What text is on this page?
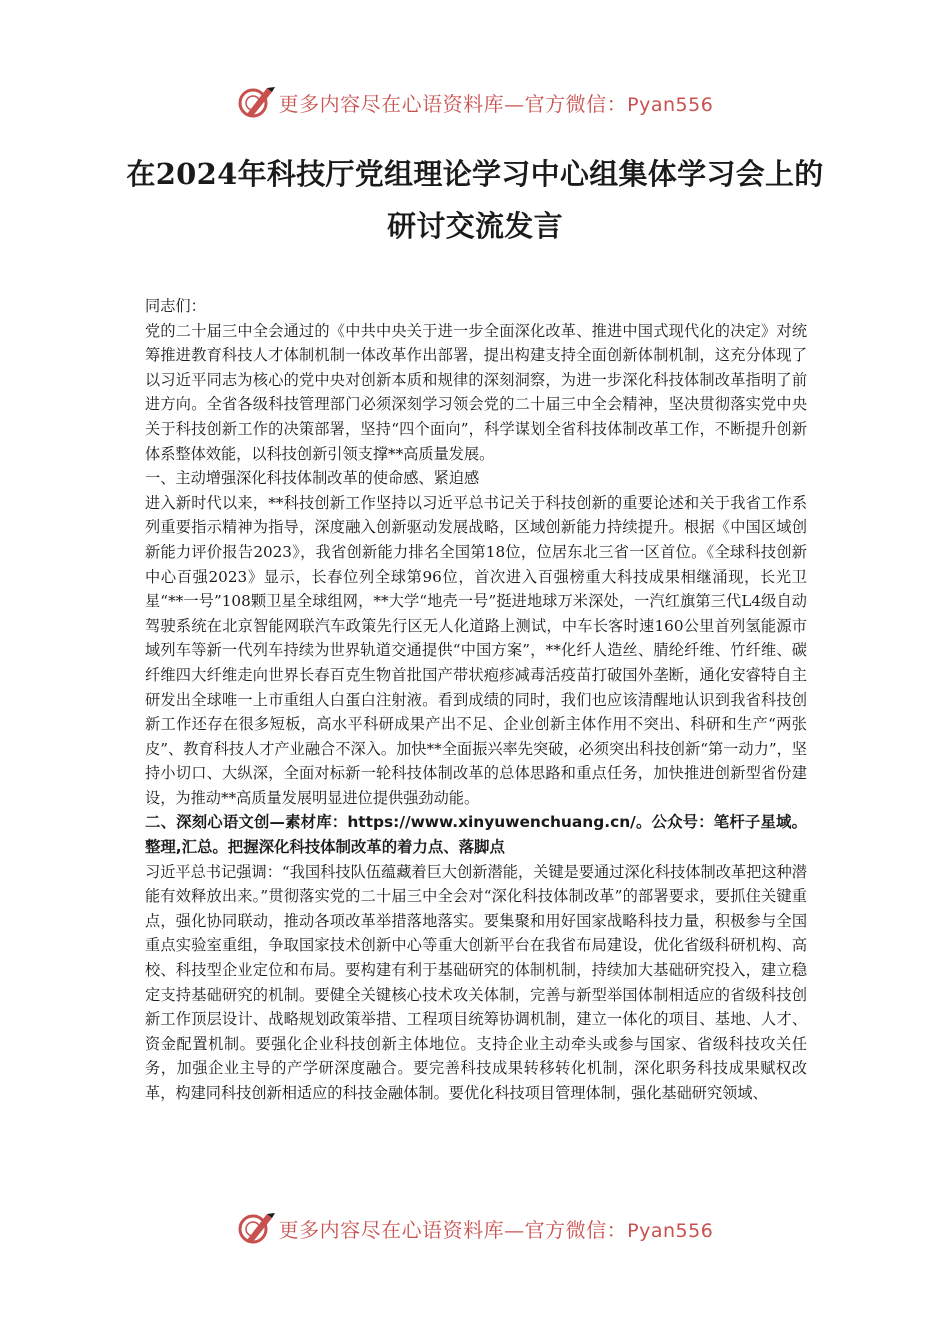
更多内容尽在心语资料库—官方微信：Pyan556
在2024年科技厅党组理论学习中心组集体学习会上的研讨交流发言

同志们：

党的二十届三中全会通过的《中共中央关于进一步全面深化改革、推进中国式现代化的决定》对统筹推进教育科技人才体制机制一体改革作出部署，提出构建支持全面创新体制机制，这充分体现了以习近平同志为核心的党中央对创新本质和规律的深刻洞察，为进一步深化科技体制改革指明了前进方向。全省各级科技管理部门必须深刻学习领会党的二十届三中全会精神，坚决贯彻落实党中央关于科技创新工作的决策部署，坚持“四个面向”，科学谋划全省科技体制改革工作，不断提升创新体系整体效能，以科技创新引领支撑**高质量发展。

一、主动增强深化科技体制改革的使命感、紧迫感

进入新时代以来，**科技创新工作坚持以习近平总书记关于科技创新的重要论述和关于我省工作系列重要指示精神为指导，深度融入创新驱动发展战略，区域创新能力持续提升。根据《中国区域创新能力评价报告2023》，我省创新能力排名全国第18位，位居东北三省一区首位。《全球科技创新中心百强2023》显示，长春位列全球第96位，首次进入百强榜重大科技成果相继涌现，长光卫星“**一号”108颗卫星全球组网，**大学“地壳一号”挺进地球万米深处，一汽红旗第三代L4级自动驾驶系统在北京智能网联汽车政策先行区无人化道路上测试，中车长客时速160公里首列氢能源市域列车等新一代列车持续为世界轨道交通提供“中国方案”，**化纤人造丝、腈纶纤维、竹纤维、碳纤维四大纤维走向世界长春百克生物首批国产带状疱疹减毒活疫苗打破国外垄断，通化安睿特自主研发出全球唯一上市重组人白蛋白注射液。看到成绩的同时，我们也应该清醒地认识到我省科技创新工作还存在很多短板，高水平科研成果产出不足、企业创新主体作用不突出、科研和生产“两张皮”、教育科技人才产业融合不深入。加快**全面振兴率先突破，必须突出科技创新“第一动力”，坚持小切口、大纵深，全面对标新一轮科技体制改革的总体思路和重点任务，加快推进创新型省份建设，为推动**高质量发展明显进位提供强劲动能。

二、深刻心语文创—素材库：https://www.xinyuwenchuang.cn/。公众号：笔杆子星域。整理,汇总。把握深化科技体制改革的着力点、落脚点

习近平总书记强调：“我国科技队伍蕴藏着巨大创新潜能，关键是要通过深化科技体制改革把这种潜能有效释放出来。”贯彻落实党的二十届三中全会对“深化科技体制改革”的部署要求，要抓住关键重点，强化协同联动，推动各项改革举措落地落实。要集聚和用好国家战略科技力量，积极参与全国重点实验室重组，争取国家技术创新中心等重大创新平台在我省布局建设，优化省级科研机构、高校、科技型企业定位和布局。要构建有利于基础研究的体制机制，持续加大基础研究投入，建立稳定支持基础研究的机制。要健全关键核心技术攻关体制，完善与新型举国体制相适应的省级科技创新工作顶层设计、战略规划政策举措、工程项目统筹协调机制，建立一体化的项目、基地、人才、资金配置机制。要强化企业科技创新主体地位。支持企业主动牵头或参与国家、省级科技攻关任务，加强企业主导的产学研深度融合。要完善科技成果转移转化机制，深化职务科技成果赋权改革，构建同科技创新相适应的科技金融体制。要优化科技项目管理体制，强化基础研究领域、

更多内容尽在心语资料库—官方微信：Pyan556
